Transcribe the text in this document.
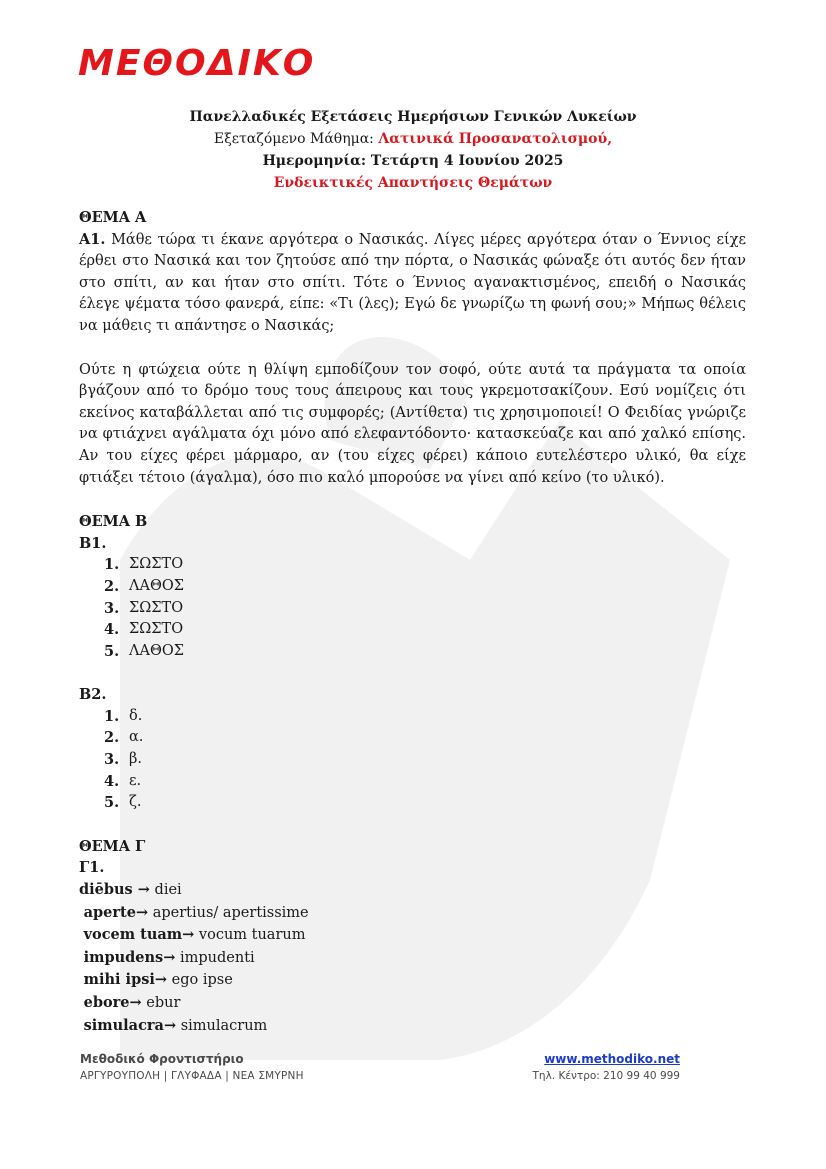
ΜΕΘΟΔΙΚΟ
Πανελλαδικές Εξετάσεις Ημερήσιων Γενικών Λυκείων
Εξεταζόμενο Μάθημα: Λατινικά Προσανατολισμού,
Ημερομηνία: Τετάρτη 4 Ιουνίου 2025
Ενδεικτικές Απαντήσεις Θεμάτων

ΘΕΜΑ Α

Α1. Μάθε τώρα τι έκανε αργότερα ο Νασικάς. Λίγες μέρες αργότερα όταν ο Έννιος είχε έρθει στο Νασικά και τον ζητούσε από την πόρτα, ο Νασικάς φώναξε ότι αυτός δεν ήταν στο σπίτι, αν και ήταν στο σπίτι. Τότε ο Έννιος αγανακτισμένος, επειδή ο Νασικάς έλεγε ψέματα τόσο φανερά, είπε: «Τι (λες); Εγώ δε γνωρίζω τη φωνή σου;» Μήπως θέλεις να μάθεις τι απάντησε ο Νασικάς;

Ούτε η φτώχεια ούτε η θλίψη εμποδίζουν τον σοφό, ούτε αυτά τα πράγματα τα οποία βγάζουν από το δρόμο τους τους άπειρους και τους γκρεμοτσακίζουν. Εσύ νομίζεις ότι εκείνος καταβάλλεται από τις συμφορές; (Αντίθετα) τις χρησιμοποιεί! Ο Φειδίας γνώριζε να φτιάχνει αγάλματα όχι μόνο από ελεφαντόδοντο· κατασκεύαζε και από χαλκό επίσης. Αν του είχες φέρει μάρμαρο, αν (του είχες φέρει) κάποιο ευτελέστερο υλικό, θα είχε φτιάξει τέτοιο (άγαλμα), όσο πιο καλό μπορούσε να γίνει από κείνο (το υλικό).

ΘΕΜΑ Β

Β1.

1. ΣΩΣΤΟ
2. ΛΑΘΟΣ
3. ΣΩΣΤΟ
4. ΣΩΣΤΟ
5. ΛΑΘΟΣ

Β2.

1. δ.
2. α.
3. β.
4. ε.
5. ζ.

ΘΕΜΑ Γ

Γ1.

diēbus → diei

aperte→ apertius/ apertissime

vocem tuam→ vocum tuarum

impudens→ impudenti

mihi ipsi→ ego ipse

ebore→ ebur

simulacra→ simulacrum

Μεθοδικό Φροντιστήριο
ΑΡΓΥΡΟΥΠΟΛΗ | ΓΛΥΦΑΔΑ | ΝΕΑ ΣΜΥΡΝΗ
www.methodiko.net
Τηλ. Κέντρο: 210 99 40 999
